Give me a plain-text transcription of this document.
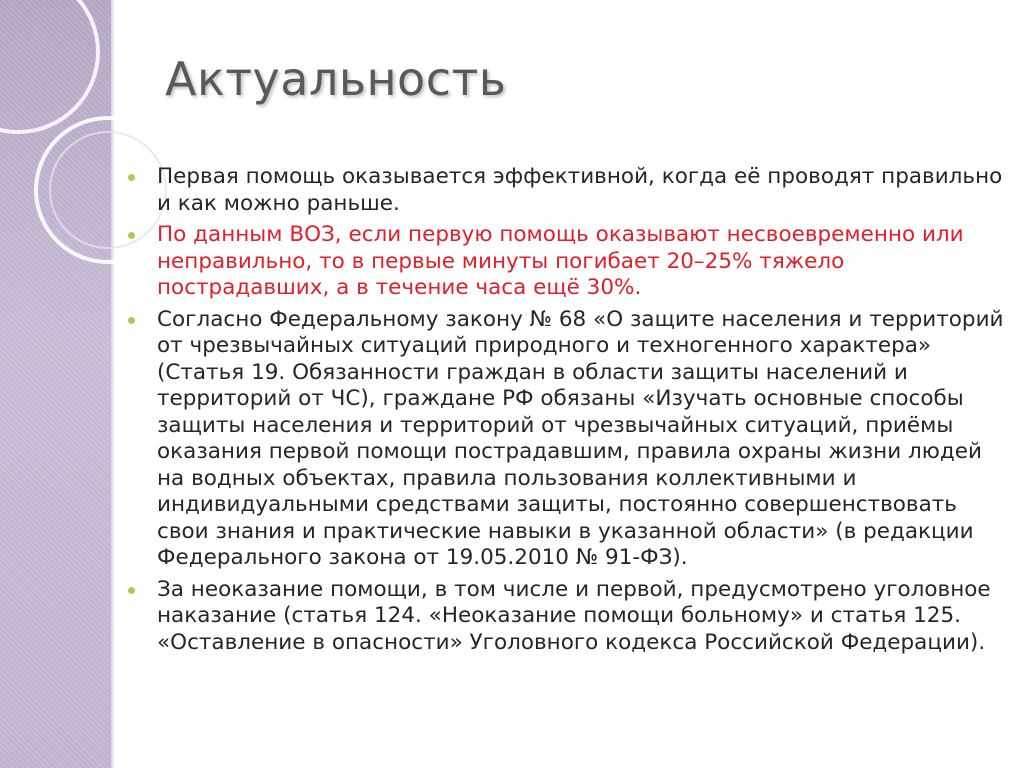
Актуальность
Первая помощь оказывается эффективной, когда её проводят правильно и как можно раньше.
По данным ВОЗ, если первую помощь оказывают несвоевременно или неправильно, то в первые минуты погибает 20–25% тяжело пострадавших, а в течение часа ещё 30%.
Согласно Федеральному закону № 68 «О защите населения и территорий от чрезвычайных ситуаций природного и техногенного характера» (Статья 19. Обязанности граждан в области защиты населений и территорий от ЧС), граждане РФ обязаны «Изучать основные способы защиты населения и территорий от чрезвычайных ситуаций, приёмы оказания первой помощи пострадавшим, правила охраны жизни людей на водных объектах, правила пользования коллективными и индивидуальными средствами защиты, постоянно совершенствовать свои знания и практические навыки в указанной области» (в редакции Федерального закона от 19.05.2010 № 91-ФЗ).
За неоказание помощи, в том числе и первой, предусмотрено уголовное наказание (статья 124. «Неоказание помощи больному» и статья 125. «Оставление в опасности» Уголовного кодекса Российской Федерации).
